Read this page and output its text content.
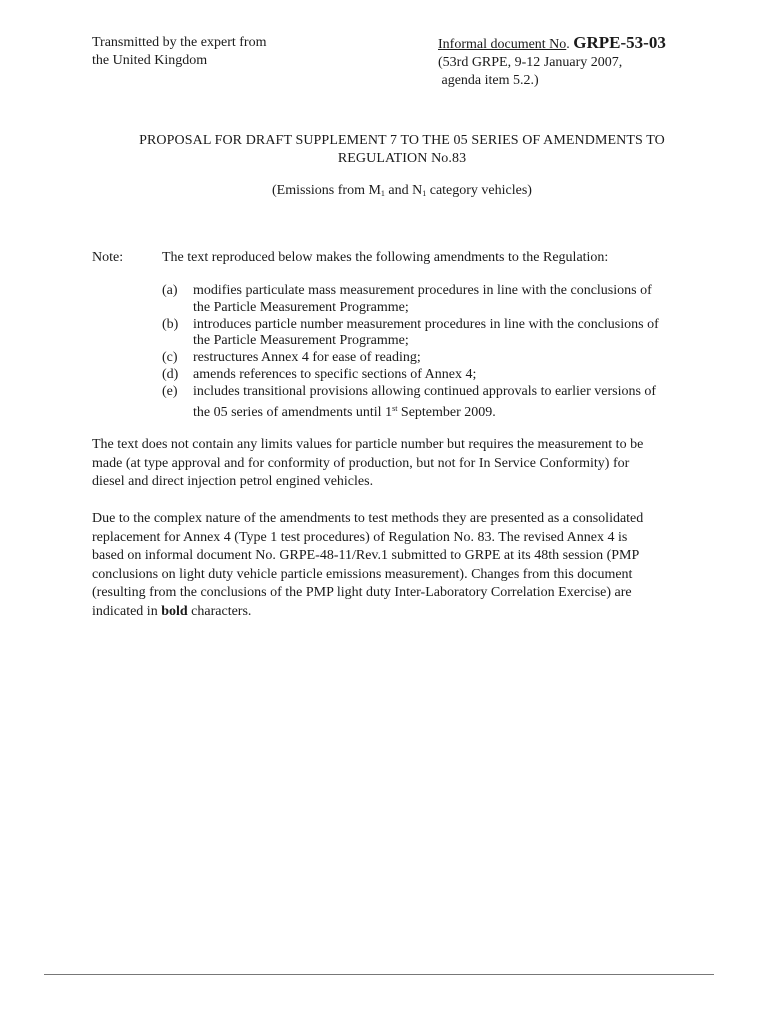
Transmitted by the expert from
the United Kingdom
Informal document No. GRPE-53-03
(53rd GRPE, 9-12 January 2007,
agenda item 5.2.)
PROPOSAL FOR DRAFT SUPPLEMENT 7 TO THE 05 SERIES OF AMENDMENTS TO
REGULATION No.83
(Emissions from $M_1$ and $N_1$ category vehicles)
Note:	The text reproduced below makes the following amendments to the Regulation:
(a)	modifies particulate mass measurement procedures in line with the conclusions of
the Particle Measurement Programme;
(b)	introduces particle number measurement procedures in line with the conclusions of
the Particle Measurement Programme;
(c)	restructures Annex 4 for ease of reading;
(d)	amends references to specific sections of Annex 4;
(e)	includes transitional provisions allowing continued approvals to earlier versions of
the 05 series of amendments until 1st September 2009.
The text does not contain any limits values for particle number but requires the measurement to be
made (at type approval and for conformity of production, but not for In Service Conformity) for
diesel and direct injection petrol engined vehicles.
Due to the complex nature of the amendments to test methods they are presented as a consolidated
replacement for Annex 4 (Type 1 test procedures) of Regulation No. 83. The revised Annex 4 is
based on informal document No. GRPE-48-11/Rev.1 submitted to GRPE at its 48th session (PMP
conclusions on light duty vehicle particle emissions measurement). Changes from this document
(resulting from the conclusions of the PMP light duty Inter-Laboratory Correlation Exercise) are
indicated in bold characters.
